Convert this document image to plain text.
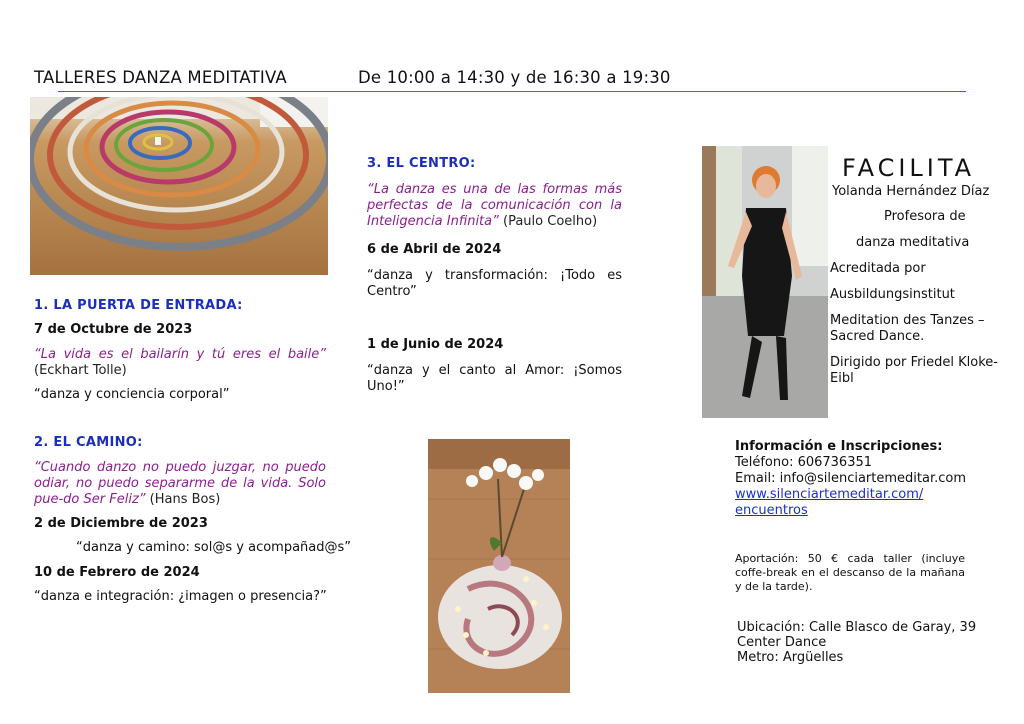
TALLERES DANZA MEDITATIVA	De 10:00 a 14:30 y de 16:30 a 19:30
1. LA PUERTA DE ENTRADA:
7 de Octubre de 2023
“La vida es el bailarín y tú eres el baile” (Eckhart Tolle)
“danza y conciencia corporal”
2. EL CAMINO:
“Cuando danzo no puedo juzgar, no puedo odiar, no puedo separarme de la vida. Solo pue-do Ser Feliz” (Hans Bos)
2 de Diciembre de 2023
“danza y camino: sol@s y acompañad@s”
10 de Febrero de 2024
“danza e integración: ¿imagen o presencia?”
3. EL CENTRO:
“La danza es una de las formas más perfectas de la comunicación con la Inteligencia Infinita” (Paulo Coelho)
6 de Abril de 2024
“danza y transformación: ¡Todo es Centro”
1 de Junio de 2024
“danza y el canto al Amor: ¡Somos Uno!”
FACILITA
Yolanda Hernández Díaz
Profesora de
danza meditativa
Acreditada por
Ausbildungsinstitut
Meditation des Tanzes – Sacred Dance.
Dirigido por Friedel Kloke-Eibl
Información e Inscripciones:
Teléfono: 606736351
Email: info@silenciartemeditar.com
www.silenciartemeditar.com/
encuentros
Aportación: 50 € cada taller (incluye coffe-break en el descanso de la mañana y de la tarde).
Ubicación: Calle Blasco de Garay, 39
Center Dance
Metro: Argüelles
